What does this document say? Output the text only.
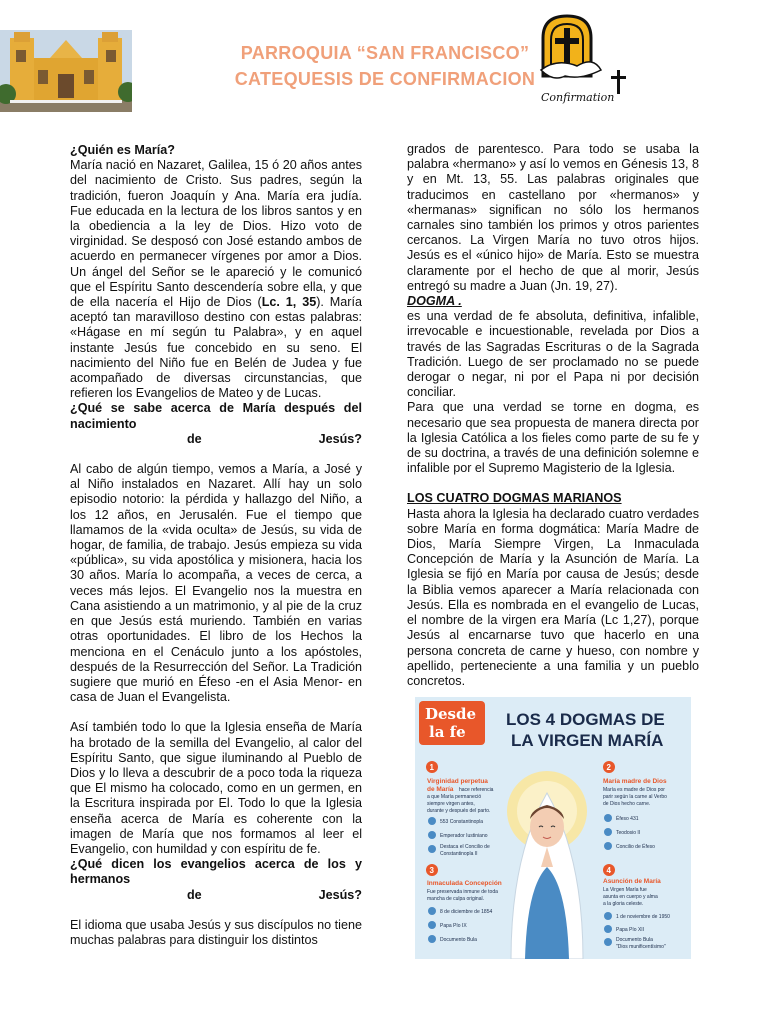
PARROQUIA “SAN FRANCISCO”
CATEQUESIS DE CONFIRMACION
Confirmation

¿Quién es María?

María nació en Nazaret, Galilea, 15 ó 20 años antes del nacimiento de Cristo. Sus padres, según la tradición, fueron Joaquín y Ana. María era judía. Fue educada en la lectura de los libros santos y en la obediencia a la ley de Dios. Hizo voto de virginidad. Se desposó con José estando ambos de acuerdo en permanecer vírgenes por amor a Dios. Un ángel del Señor se le apareció y le comunicó que el Espíritu Santo descendería sobre ella, y que de ella nacería el Hijo de Dios (Lc. 1, 35). María aceptó tan maravilloso destino con estas palabras: «Hágase en mí según tu Palabra», y en aquel instante Jesús fue concebido en su seno. El nacimiento del Niño fue en Belén de Judea y fue acompañado de diversas circunstancias, que refieren los Evangelios de Mateo y de Lucas.

¿Qué se sabe acerca de María después del nacimiento

de	Jesús?

Al cabo de algún tiempo, vemos a María, a José y al Niño instalados en Nazaret. Allí hay un solo episodio notorio: la pérdida y hallazgo del Niño, a los 12 años, en Jerusalén. Fue el tiempo que llamamos de la «vida oculta» de Jesús, su vida de hogar, de familia, de trabajo. Jesús empieza su vida «pública», su vida apostólica y misionera, hacia los 30 años. María lo acompaña, a veces de cerca, a veces más lejos. El Evangelio nos la muestra en Cana asistiendo a un matrimonio, y al pie de la cruz en que Jesús está muriendo. También en varias otras oportunidades. El libro de los Hechos la menciona en el Cenáculo junto a los apóstoles, después de la Resurrección del Señor. La Tradición sugiere que murió en Éfeso -en el Asia Menor- en casa de Juan el Evangelista.

Así también todo lo que la Iglesia enseña de María ha brotado de la semilla del Evangelio, al calor del Espíritu Santo, que sigue iluminando al Pueblo de Dios y lo lleva a descubrir de a poco toda la riqueza que El mismo ha colocado, como en un germen, en la Escritura inspirada por El. Todo lo que la Iglesia enseña acerca de María es coherente con la imagen de María que nos formamos al leer el Evangelio, con humildad y con espíritu de fe.

¿Qué dicen los evangelios acerca de los y hermanos

de	Jesús?

El idioma que usaba Jesús y sus discípulos no tiene muchas palabras para distinguir los distintos

grados de parentesco. Para todo se usaba la palabra «hermano» y así lo vemos en Génesis 13, 8 y en Mt. 13, 55. Las palabras originales que traducimos en castellano por «hermanos» y «hermanas» significan no sólo los hermanos carnales sino también los primos y otros parientes cercanos. La Virgen María no tuvo otros hijos. Jesús es el «único hijo» de María. Esto se muestra claramente por el hecho de que al morir, Jesús entregó su madre a Juan (Jn. 19, 27).

DOGMA .

es una verdad de fe absoluta, definitiva, infalible, irrevocable e incuestionable, revelada por Dios a través de las Sagradas Escrituras o de la Sagrada Tradición. Luego de ser proclamado no se puede derogar o negar, ni por el Papa ni por decisión conciliar.

Para que una verdad se torne en dogma, es necesario que sea propuesta de manera directa por la Iglesia Católica a los fieles como parte de su fe y de su doctrina, a través de una definición solemne e infalible por el Supremo Magisterio de la Iglesia.

LOS CUATRO DOGMAS MARIANOS

Hasta ahora la Iglesia ha declarado cuatro verdades sobre María en forma dogmática: María Madre de Dios, María Siempre Virgen, La Inmaculada Concepción de María y la Asunción de María. La Iglesia se fijó en María por causa de Jesús; desde la Biblia vemos aparecer a María relacionada con Jesús. Ella es nombrada en el evangelio de Lucas, el nombre de la virgen era María (Lc 1,27), porque Jesús al encarnarse tuvo que hacerlo en una persona concreta de carne y hueso, con nombre y apellido, perteneciente a una familia y un pueblo concretos.

Desde
la fe
LOS 4 DOGMAS DE
LA VIRGEN MARÍA
1
Virginidad perpetua
de María hace referencia
a que María permaneció
siempre virgen antes,
durante y después del parto.
553 Constantinopla
Emperador Iustiniano
Destaca el Concilio de
Constantinopla II
2
María madre de Dios
María es madre de Dios por
parir según la carne al Verbo
de Dios hecho carne.
Éfeso 431
Teodosio II
Concilio de Éfeso
3
Inmaculada Concepción
Fue preservada inmune de toda
mancha de culpa original.
8 de diciembre de 1854
Papa Pío IX
Documento Bula
4
Asunción de María
La Virgen María fue
asunta en cuerpo y alma
a la gloria celeste.
1 de noviembre de 1950
Papa Pío XII
Documento Bula
"Dios munificentísimo"
